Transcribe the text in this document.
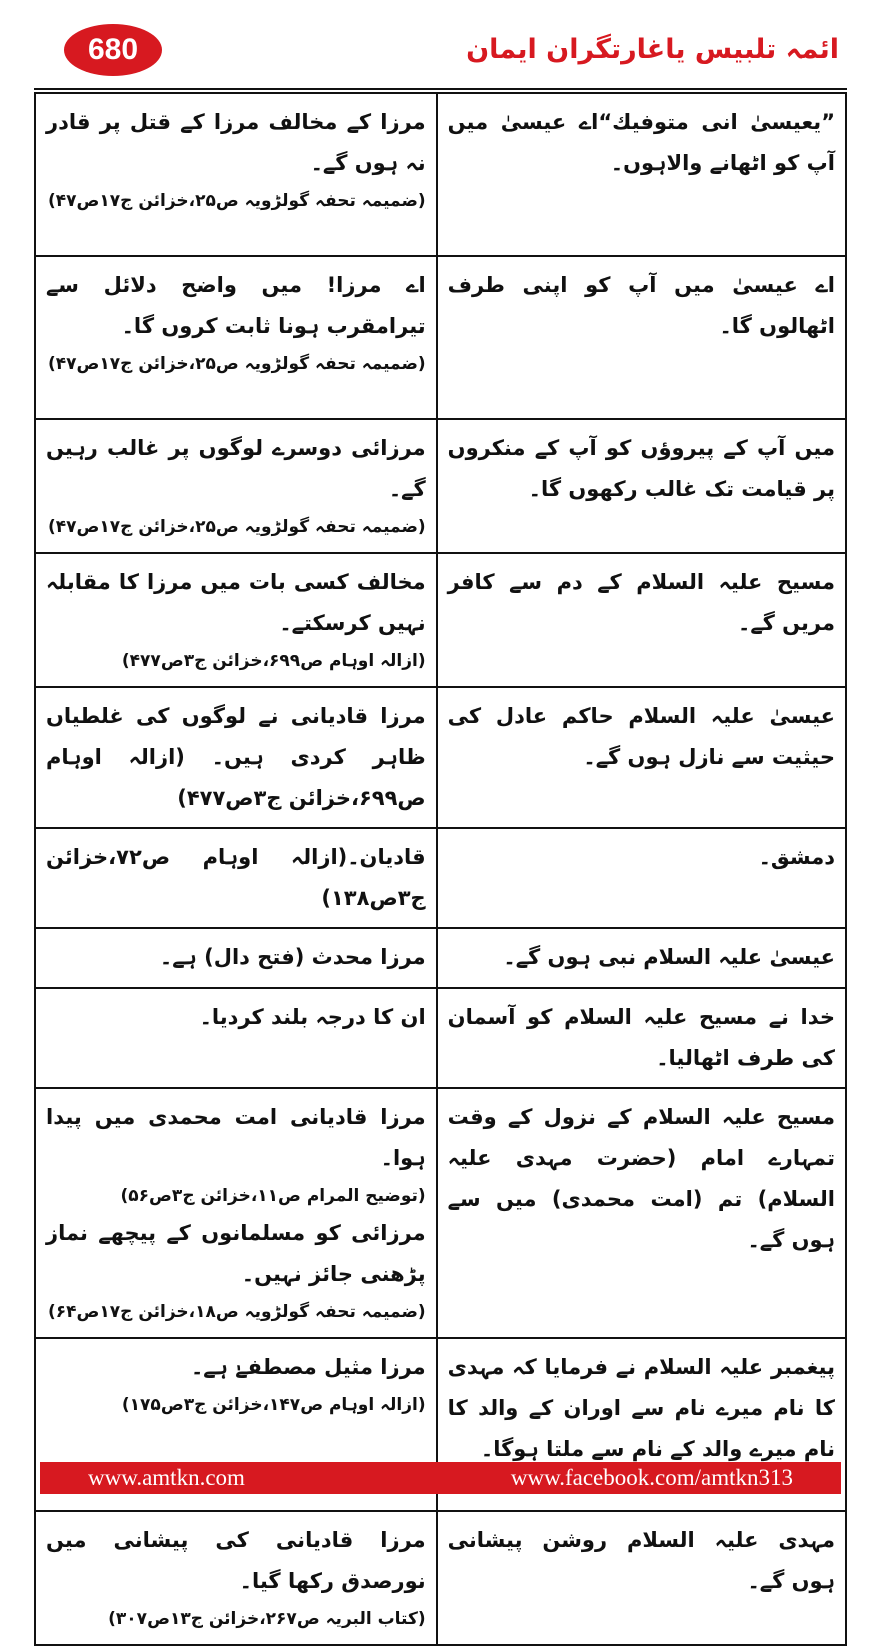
680	ائمہ تلبیس یاغارتگران ایمان
”یعیسیٰ انی متوفیك“اے عیسیٰ میں آپ کو اٹھانے والاہوں۔	مرزا کے مخالف مرزا کے قتل پر قادر نہ ہوں گے۔
(ضمیمہ تحفہ گولڑویہ ص۲۵،خزائن ج۱۷ص۴۷)

اے عیسیٰ میں آپ کو اپنی طرف اٹھالوں گا۔	اے مرزا! میں واضح دلائل سے تیرامقرب ہونا ثابت کروں گا۔
(ضمیمہ تحفہ گولڑویہ ص۲۵،خزائن ج۱۷ص۴۷)

میں آپ کے پیروؤں کو آپ کے منکروں پر قیامت تک غالب رکھوں گا۔	مرزائی دوسرے لوگوں پر غالب رہیں گے۔
(ضمیمہ تحفہ گولڑویہ ص۲۵،خزائن ج۱۷ص۴۷)

مسیح علیہ السلام کے دم سے کافر مریں گے۔	مخالف کسی بات میں مرزا کا مقابلہ نہیں کرسکتے۔
(ازالہ اوہام ص۶۹۹،خزائن ج۳ص۴۷۷)

عیسیٰ علیہ السلام حاکم عادل کی حیثیت سے نازل ہوں گے۔	مرزا قادیانی نے لوگوں کی غلطیاں ظاہر کردی ہیں۔ (ازالہ اوہام ص۶۹۹،خزائن ج۳ص۴۷۷)

دمشق۔	قادیان۔(ازالہ اوہام ص۷۲،خزائن ج۳ص۱۳۸)

عیسیٰ علیہ السلام نبی ہوں گے۔	مرزا محدث (فتح دال) ہے۔

خدا نے مسیح علیہ السلام کو آسمان کی طرف اٹھالیا۔	ان کا درجہ بلند کردیا۔

مسیح علیہ السلام کے نزول کے وقت تمہارے امام (حضرت مہدی علیہ السلام) تم (امت محمدی) میں سے ہوں گے۔	مرزا قادیانی امت محمدی میں پیدا ہوا۔
(توضیح المرام ص۱۱،خزائن ج۳ص۵۶)
مرزائی کو مسلمانوں کے پیچھے نماز پڑھنی جائز نہیں۔
(ضمیمہ تحفہ گولڑویہ ص۱۸،خزائن ج۱۷ص۶۴)

پیغمبر علیہ السلام نے فرمایا کہ مہدی کا نام میرے نام سے اوران کے والد کا نام میرے والد کے نام سے ملتا ہوگا۔	مرزا مثیل مصطفےٰ ہے۔
(ازالہ اوہام ص۱۴۷،خزائن ج۳ص۱۷۵)

مہدی علیہ السلام روشن پیشانی ہوں گے۔	مرزا قادیانی کی پیشانی میں نورصدق رکھا گیا۔
(کتاب البریہ ص۲۶۷،خزائن ج۱۳ص۳۰۷)
www.amtkn.com	www.facebook.com/amtkn313
